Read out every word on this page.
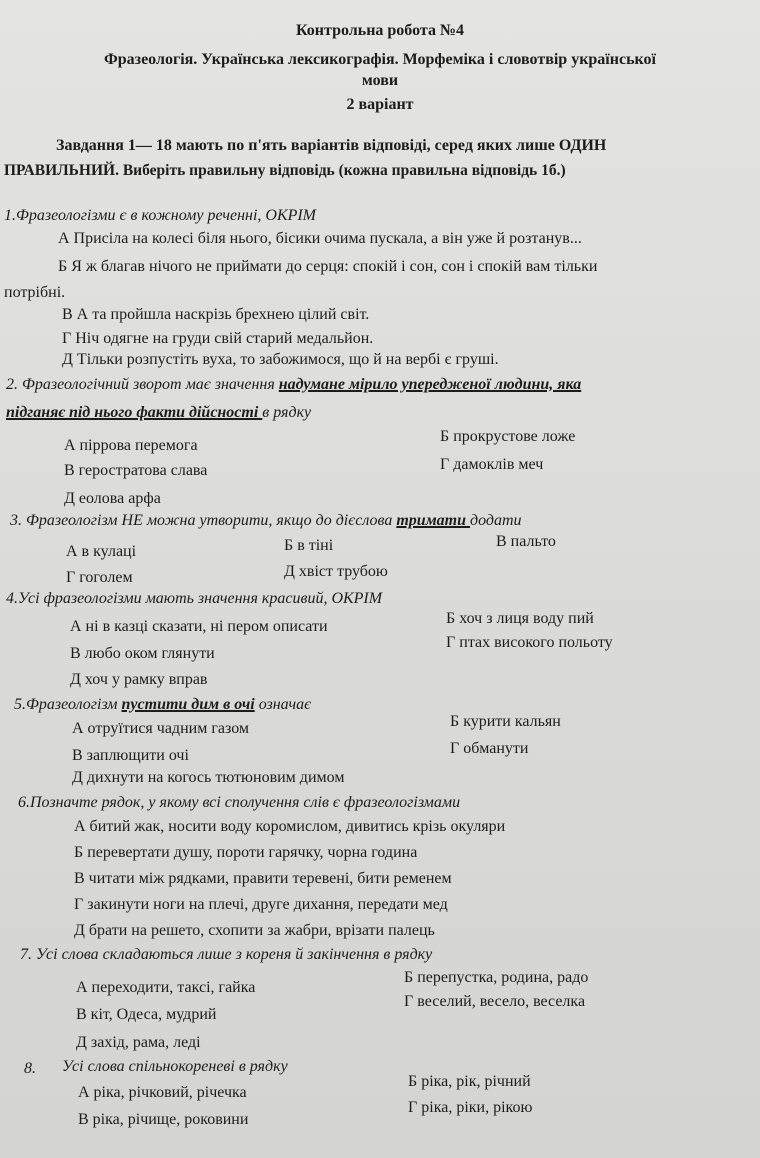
Контрольна робота №4
Фразеологія. Українська лексикографія. Морфеміка і словотвір української
мови
2 варіант
Завдання 1— 18 мають по п'ять варіантів відповіді, серед яких лише ОДИН
ПРАВИЛЬНИЙ. Виберіть правильну відповідь (кожна правильна відповідь 1б.)
1.Фразеологізми є в кожному реченні, ОКРІМ
А Присіла на колесі біля нього, бісики очима пускала, а він уже й розтанув...
Б Я ж благав нічого не приймати до серця: спокій і сон, сон і спокій вам тільки
потрібні.
В А та пройшла наскрізь брехнею цілий світ.
Г Ніч одягне на груди свій старий медальйон.
Д Тільки розпустіть вуха, то забожимося, що й на вербі є груші.
2. Фразеологічний зворот має значення надумане мірило упередженої людини, яка
підганяє під нього факти дійсності в рядку
А піррова перемога
Б прокрустове ложе
В геростратова слава	Г дамоклів меч
Д еолова арфа
3. Фразеологізм НЕ можна утворити, якщо до дієслова тримати додати
А в кулаці	Б в тіні	В пальто
Г гоголем	Д хвіст трубою
4.Усі фразеологізми мають значення красивий, ОКРІМ
А ні в казці сказати, ні пером описати	Б хоч з лиця воду пий
В любо оком глянути
Г птах високого польоту
Д хоч у рамку вправ
5.Фразеологізм пустити дим в очі означає
А отруїтися чадним газом	Б курити кальян
В заплющити очі	Г обманути
Д дихнути на когось тютюновим димом
6.Позначте рядок, у якому всі сполучення слів є фразеологізмами
А битий жак, носити воду коромислом, дивитись крізь окуляри
Б перевертати душу, пороти гарячку, чорна година
В читати між рядками, правити теревені, бити ременем
Г закинути ноги на плечі, друге дихання, передати мед
Д брати на решето, схопити за жабри, врізати палець
7. Усі слова складаються лише з кореня й закінчення в рядку
А переходити, таксі, гайка
Б перепустка, родина, радо
В кіт, Одеса, мудрий
Г веселий, весело, веселка
Д захід, рама, леді
8. Усі слова спільнокореневі в рядку
А ріка, річковий, річечка
Б ріка, рік, річний
В ріка, річище, роковини
Г ріка, ріки, рікою
